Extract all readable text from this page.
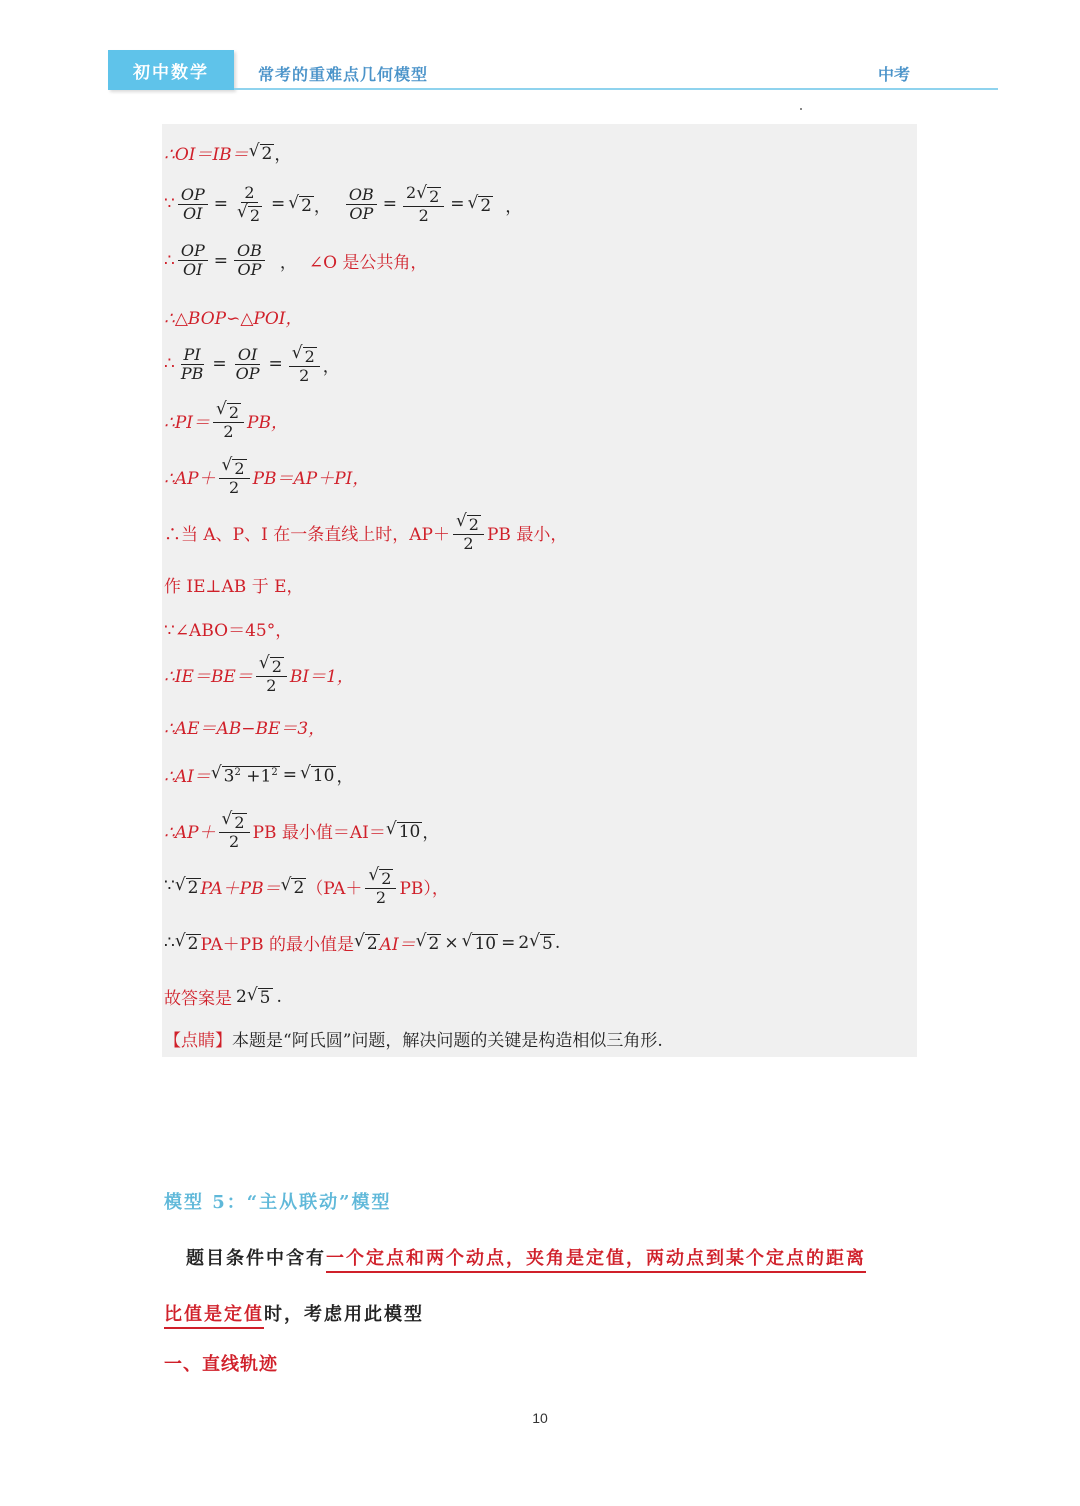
初中数学	常考的重难点几何模型	中考
∴OI＝IB＝ √ 2 ，
∵ $\frac{OP}{OI} = \frac{2}{√ 2}$ = √ 2 ， $\frac{OB}{OP} = \frac{2 √ 2}{2}$ = √ 2 ，
∴ $\frac{OP}{OI} = \frac{OB}{OP}$ ， ∠O 是公共角，
∴△BOP∽△POI，
∴ $\frac{PI}{PB} = \frac{OI}{OP} = \frac{√ 2}{2}$ ，
∴PI＝ $\frac{√ 2}{2}$ PB，
∴AP＋ $\frac{√ 2}{2} PB=AP+PI$，
∴当 A、P、I 在一条直线上时，$AP+ \frac{√ 2}{2}$ PB 最小，
作 IE⊥AB 于 E，
∵∠ABO＝45°，
∴IE＝BE＝ $\frac{√ 2}{2} BI=1$，
∴AE＝AB−BE＝3，
∴AI＝ √ $3^2 +1^2$ = √ 10 ，
∴AP＋ $\frac{√ 2}{2}$ PB 最小值＝AI＝ √ 10 ，
∵ √ 2 PA＋PB＝ √ 2 $(PA+ \frac{√ 2}{2} PB)$，
∴ √ 2 PA＋PB 的最小值是 √ 2 AI＝ √ 2 × √ 10 = 2 √ 5 .
故答案是 2 √ 5 .
【点睛】本题是“阿氏圆”问题，解决问题的关键是构造相似三角形.
模型 5：“主从联动”模型
题目条件中含有一个定点和两个动点，夹角是定值，两动点到某个定点的距离
比值是定值时，考虑用此模型
一、直线轨迹
10
